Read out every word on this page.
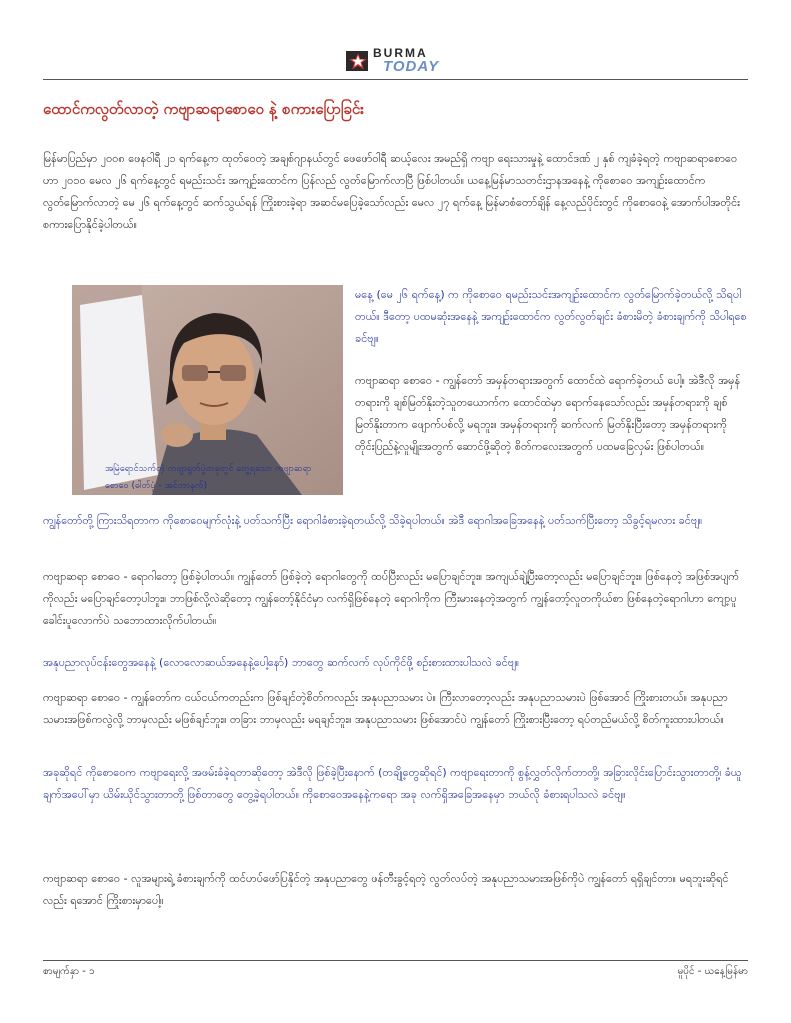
BURMA
TODAY
ထောင်ကလွတ်လာတဲ့ ကဗျာဆရာစောဝေ နဲ့ စကားပြောခြင်း
မြန်မာပြည်မှာ ၂၀၀၈ ဖေနဝါရီ ၂၁ ရက်နေ့က ထုတ်ဝေတဲ့ အချစ်ဂျာနယ်တွင် ဖေဖော်ဝါရီ ဆယ့်လေး အမည်ရှိ ကဗျာ ရေးသားမှုနဲ့ ထောင်ဒဏ် ၂ နှစ် ကျခံခဲ့ရတဲ့ ကဗျာဆရာစောဝေဟာ ၂၀၁၀ မေလ ၂၆ ရက်နေ့တွင် ရမည်းသင်း အကျဉ်းထောင်က ပြန်လည် လွတ်မြောက်လာပြီ ဖြစ်ပါတယ်။ ယနေ့မြန်မာသတင်းဌာနအနေနဲ့ ကိုစောဝေ အကျဉ်းထောင်က လွတ်မြောက်လာတဲ့ မေ ၂၆ ရက်နေ့တွင် ဆက်သွယ်ရန် ကြိုးစားခဲ့ရာ အဆင်မပြေခဲ့သော်လည်း မေလ ၂၇ ရက်နေ့ မြန်မာစံတော်ချိန် နေ့လည်ပိုင်းတွင် ကိုစောဝေနဲ့ အောက်ပါအတိုင်း စကားပြောနိုင်ခဲ့ပါတယ်။
အမြဲရောင်သက်တဲ့ ကဗျာရွတ်ပွဲတခုတွင် တွေ့ရသော ကဗျာဆရာ စောဝေ (ဓါတ်ပုံ - အင်တာနက်)
မနေ့ (မေ ၂၆ ရက်နေ့) က ကိုစောဝေ ရမည်းသင်းအကျဉ်းထောင်က လွတ်မြောက်ခဲ့တယ်လို့ သိရပါတယ်။ ဒီတော့ ပထမဆုံးအနေနဲ့ အကျဉ်းထောင်က လွတ်လွတ်ချင်း ခံစားမိတဲ့ ခံစားချက်ကို သိပါရစေ ခင်ဗျ။
ကဗျာဆရာ စောဝေ - ကျွန်တော် အမှန်တရားအတွက် ထောင်ထဲ ရောက်ခဲ့တယ် ပေါ့။ အဲဒီလို အမှန်တရားကို ချစ်မြတ်နိုးတဲ့သူတယောက်က ထောင်ထဲမှာ ရောက်နေသော်လည်း အမှန်တရားကို ချစ်မြတ်နိုးတာက ဖျောက်ပစ်လို့ မရဘူး။ အမှန်တရားကို ဆက်လက် မြတ်နိုးပြီးတော့ အမှန်တရားကို တိုင်းပြည်နဲ့လူမျိုးအတွက် ဆောင်ဖို့ဆိုတဲ့ စိတ်ကလေးအတွက် ပထမခြေလှမ်း ဖြစ်ပါတယ်။
ကျွန်တော်တို့ ကြားသိရတာက ကိုစောဝေမျက်လုံးနဲ့ ပတ်သက်ပြီး ရောဂါခံစားခဲ့ရတယ်လို့ သိခဲ့ရပါတယ်။ အဲဒီ ရောဂါအခြေအနေနဲ့ ပတ်သက်ပြီးတော့ သိခွင့်ရမလား ခင်ဗျ။
ကဗျာဆရာ စောဝေ - ရောဂါတော့ ဖြစ်ခဲ့ပါတယ်။ ကျွန်တော် ဖြစ်ခဲ့တဲ့ ရောဂါတွေကို ထပ်ပြီးလည်း မပြောချင်ဘူး။ အကျယ်ချဲ့ပြီးတော့လည်း မပြောချင်ဘူး။ ဖြစ်နေတဲ့ အဖြစ်အပျက်ကိုလည်း မပြောချင်တော့ပါဘူး။ ဘာဖြစ်လို့လဲဆိုတော့ ကျွန်တော့်နိုင်ငံမှာ လက်ရှိဖြစ်နေတဲ့ ရောဂါကိုက ကြီးမားနေတဲ့အတွက် ကျွန်တော့်လူတကိုယ်စာ ဖြစ်နေတဲ့ရောဂါဟာ ကျော့ပူခေါင်းပူလောက်ပဲ သဘောထားလိုက်ပါတယ်။
အနုပညာလုပ်ငန်းတွေအနေနဲ့ (လောလောဆယ်အနေနဲ့ပေါ့နော်) ဘာတွေ ဆက်လက် လုပ်ကိုင်ဖို့ စဉ်းစားထားပါသလဲ ခင်ဗျ။
ကဗျာဆရာ စောဝေ - ကျွန်တော်က ငယ်ငယ်ကတည်းက ဖြစ်ချင်တဲ့စိတ်ကလည်း အနုပညာသမား ပဲ။ ကြီးလာတော့လည်း အနုပညာသမားပဲ ဖြစ်အောင် ကြိုးစားတယ်။ အနုပညာသမားအဖြစ်ကလွဲလို့ ဘာမှလည်း မဖြစ်ချင်ဘူး။ တခြား ဘာမှလည်း မရချင်ဘူး။ အနုပညာသမား ဖြစ်အောင်ပဲ ကျွန်တော် ကြိုးစားပြီးတော့ ရပ်တည်မယ်လို့ စိတ်ကူးထားပါတယ်။
အခုဆိုရင် ကိုစောဝေက ကဗျာရေးလို့ အဖမ်းခံခဲ့ရတာဆိုတော့ အဲဒီလို ဖြစ်ခဲ့ပြီးနောက် (တချို့တွေဆိုရင်) ကဗျာရေးတာကို စွန့်လွှတ်လိုက်တာတို့၊ အခြားလိုင်းပြောင်းသွားတာတို့၊ ခံယူချက်အပေါ်မှာ ယိမ်းယိုင်သွားတာတို့ ဖြစ်တာတွေ တွေ့ခဲ့ရပါတယ်။ ကိုစောဝေအနေနဲ့ကရော အခု လက်ရှိအခြေအနေမှာ ဘယ်လို ခံစားရပါသလဲ ခင်ဗျ။
ကဗျာဆရာ စောဝေ - လူအများရဲ့ ခံစားချက်ကို ထင်ဟပ်ဖော်ပြနိုင်တဲ့ အနုပညာတွေ ဖန်တီးခွင့်ရတဲ့ လွတ်လပ်တဲ့ အနုပညာသမားအဖြစ်ကိုပဲ ကျွန်တော် ရရှိချင်တာ။ မရဘူးဆိုရင်လည်း ရအောင် ကြိုးစားမှာပေါ့။
စာမျက်နှာ - ၁	မူပိုင် - ယနေ့မြန်မာ
